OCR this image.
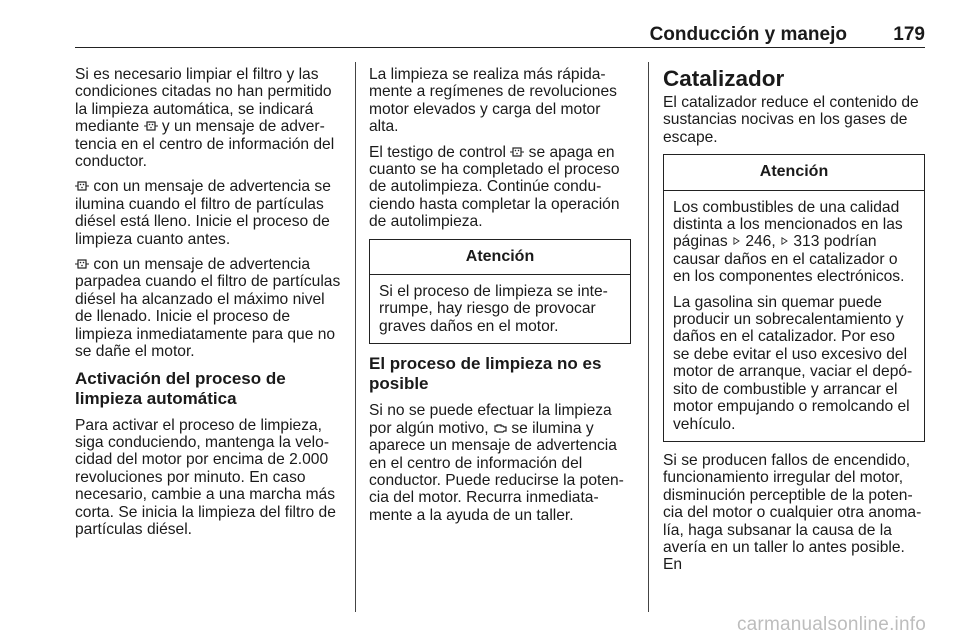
Conducción y manejo 179

Si es necesario limpiar el filtro y las condiciones citadas no han permitido la limpieza automática, se indicará mediante y un mensaje de advertencia en el centro de información del conductor.

con un mensaje de advertencia se ilumina cuando el filtro de partículas diésel está lleno. Inicie el proceso de limpieza cuanto antes.

con un mensaje de advertencia parpadea cuando el filtro de partículas diésel ha alcanzado el máximo nivel de llenado. Inicie el proceso de limpieza inmediatamente para que no se dañe el motor.

Activación del proceso de limpieza automática

Para activar el proceso de limpieza, siga conduciendo, mantenga la velocidad del motor por encima de 2.000 revoluciones por minuto. En caso necesario, cambie a una marcha más corta. Se inicia la limpieza del filtro de partículas diésel.

La limpieza se realiza más rápidamente a regímenes de revoluciones motor elevados y carga del motor alta.

El testigo de control se apaga en cuanto se ha completado el proceso de autolimpieza. Continúe conduciendo hasta completar la operación de autolimpieza.

Atención

Si el proceso de limpieza se interrumpe, hay riesgo de provocar graves daños en el motor.

El proceso de limpieza no es posible

Si no se puede efectuar la limpieza por algún motivo, se ilumina y aparece un mensaje de advertencia en el centro de información del conductor. Puede reducirse la potencia del motor. Recurra inmediatamente a la ayuda de un taller.

Catalizador

El catalizador reduce el contenido de sustancias nocivas en los gases de escape.

Atención

Los combustibles de una calidad distinta a los mencionados en las páginas 246, 313 podrían causar daños en el catalizador o en los componentes electrónicos.

La gasolina sin quemar puede producir un sobrecalentamiento y daños en el catalizador. Por eso se debe evitar el uso excesivo del motor de arranque, vaciar el depósito de combustible y arrancar el motor empujando o remolcando el vehículo.

Si se producen fallos de encendido, funcionamiento irregular del motor, disminución perceptible de la potencia del motor o cualquier otra anomalía, haga subsanar la causa de la avería en un taller lo antes posible. En

carmanualsonline.info
